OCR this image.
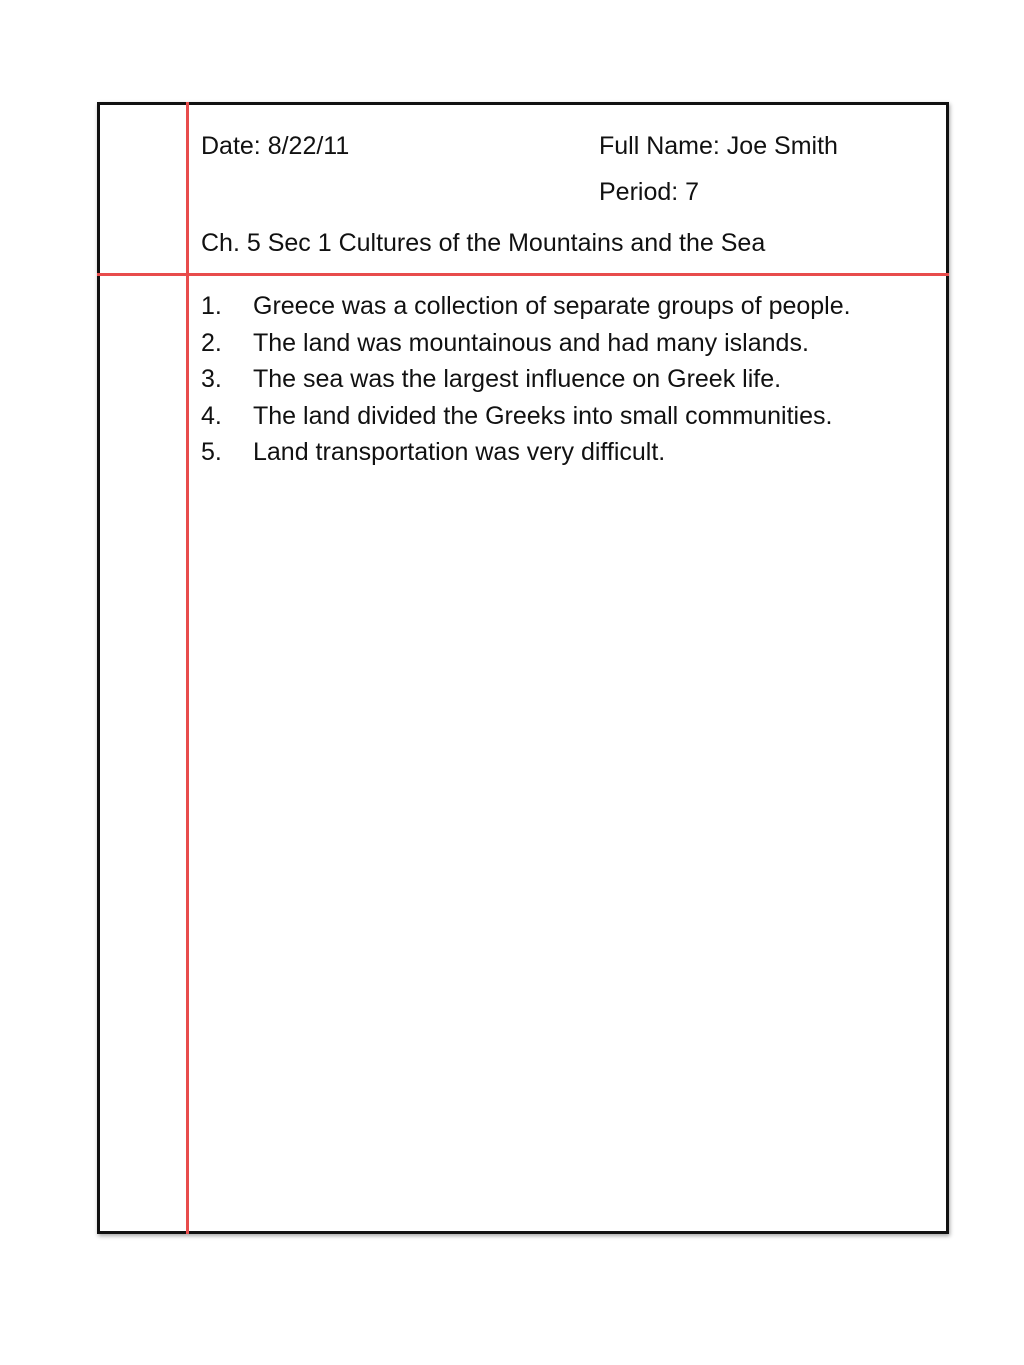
Date: 8/22/11	Full Name: Joe Smith
Period: 7
Ch. 5 Sec 1 Cultures of the Mountains and the Sea
1.	Greece was a collection of separate groups of people.
2.	The land was mountainous and had many islands.
3.	The sea was the largest influence on Greek life.
4.	The land divided the Greeks into small communities.
5.	Land transportation was very difficult.
